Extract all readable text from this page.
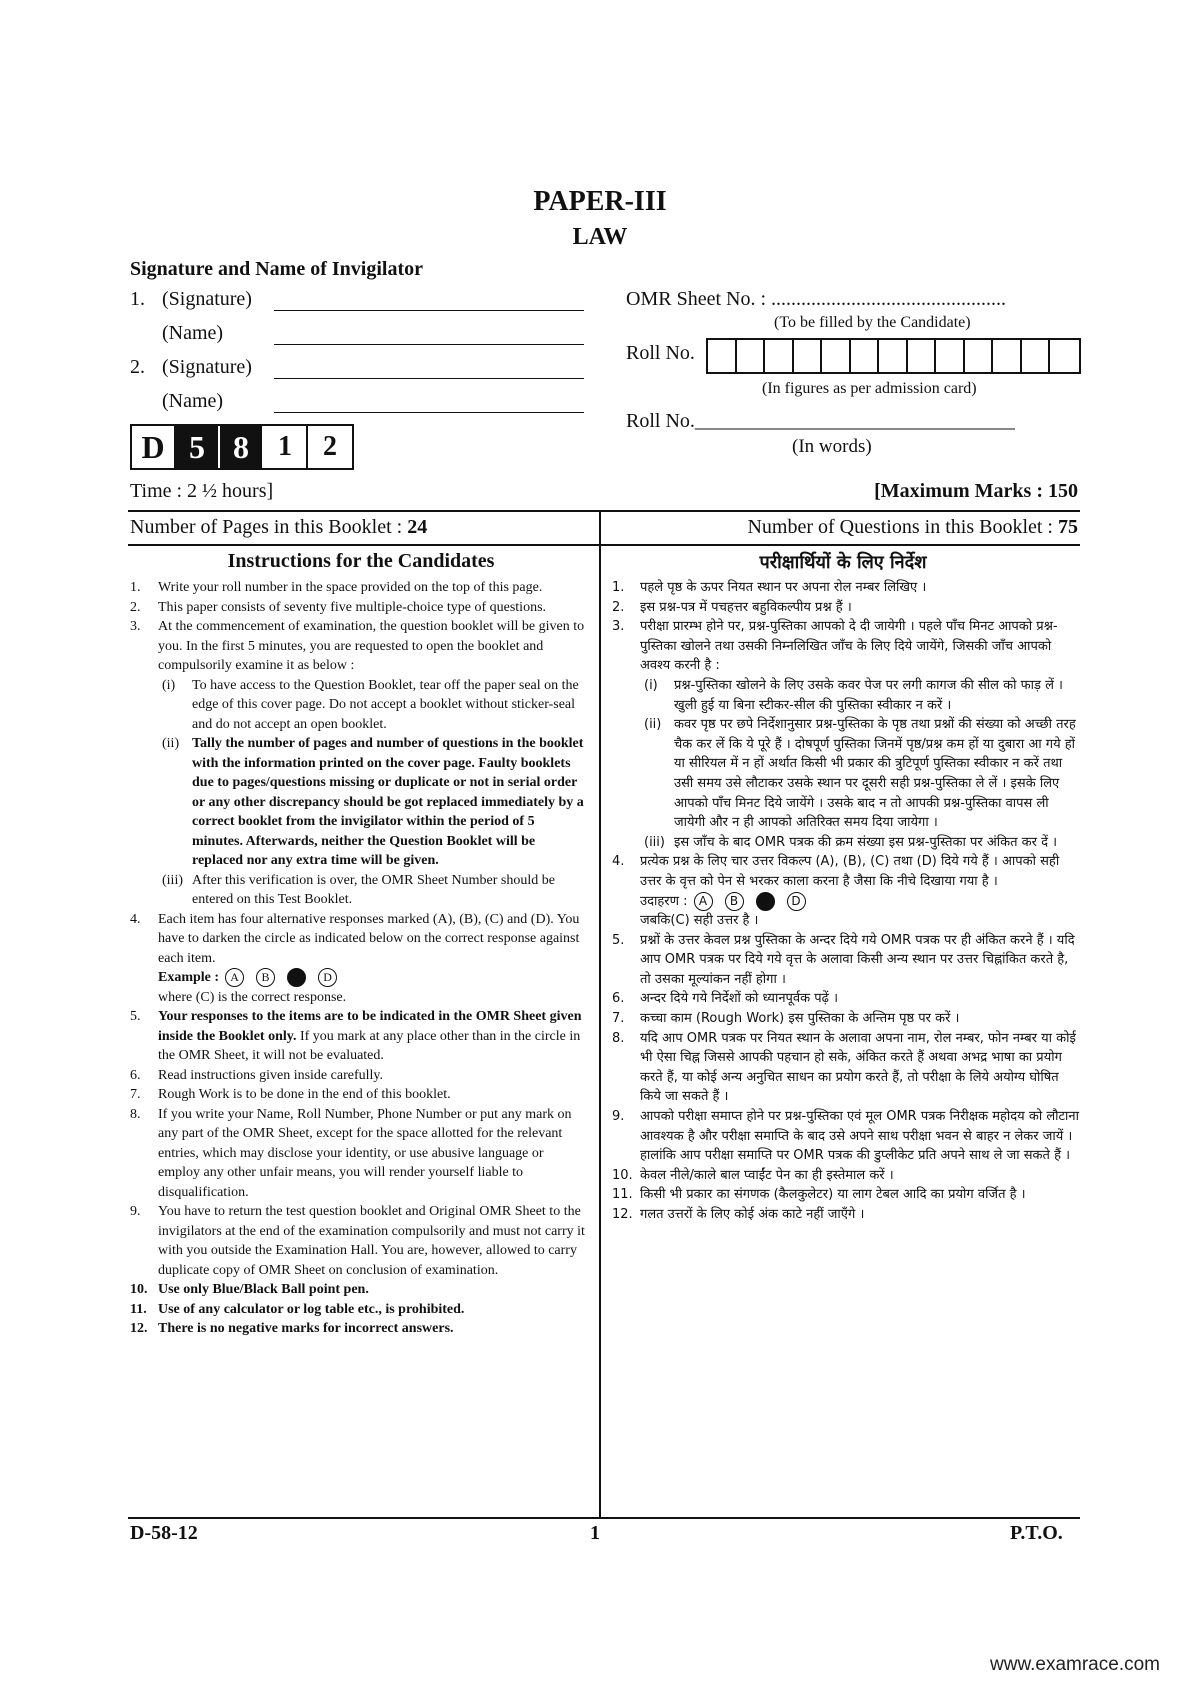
PAPER-III
LAW
Signature and Name of Invigilator
1. (Signature)
(Name)
2. (Signature)
(Name)
OMR Sheet No. : ...............................................
(To be filled by the Candidate)
Roll No.
(In figures as per admission card)
Roll No.________________________________
(In words)
D 5 8	1	2
Time : 2 ½ hours]	[Maximum Marks : 150
Number of Pages in this Booklet : 24	Number of Questions in this Booklet : 75
Instructions for the Candidates
1. Write your roll number in the space provided on the top of this page.
2. This paper consists of seventy five multiple-choice type of questions.
3. At the commencement of examination, the question booklet will be given to you. In the first 5 minutes, you are requested to open the booklet and compulsorily examine it as below :
(i) To have access to the Question Booklet, tear off the paper seal on the edge of this cover page. Do not accept a booklet without sticker-seal and do not accept an open booklet.
(ii) Tally the number of pages and number of questions in the booklet with the information printed on the cover page. Faulty booklets due to pages/questions missing or duplicate or not in serial order or any other discrepancy should be got replaced immediately by a correct booklet from the invigilator within the period of 5 minutes. Afterwards, neither the Question Booklet will be replaced nor any extra time will be given.
(iii) After this verification is over, the OMR Sheet Number should be entered on this Test Booklet.
4. Each item has four alternative responses marked (A), (B), (C) and (D). You have to darken the circle as indicated below on the correct response against each item.
Example : A B C D
where (C) is the correct response.
5. Your responses to the items are to be indicated in the OMR Sheet given inside the Booklet only. If you mark at any place other than in the circle in the OMR Sheet, it will not be evaluated.
6. Read instructions given inside carefully.
7. Rough Work is to be done in the end of this booklet.
8. If you write your Name, Roll Number, Phone Number or put any mark on any part of the OMR Sheet, except for the space allotted for the relevant entries, which may disclose your identity, or use abusive language or employ any other unfair means, you will render yourself liable to disqualification.
9. You have to return the test question booklet and Original OMR Sheet to the invigilators at the end of the examination compulsorily and must not carry it with you outside the Examination Hall. You are, however, allowed to carry duplicate copy of OMR Sheet on conclusion of examination.
10. Use only Blue/Black Ball point pen.
11. Use of any calculator or log table etc., is prohibited.
12. There is no negative marks for incorrect answers.
परीक्षार्थियों के लिए निर्देश
1. पहले पृष्ठ के ऊपर नियत स्थान पर अपना रोल नम्बर लिखिए ।
2. इस प्रश्न-पत्र में पचहत्तर बहुविकल्पीय प्रश्न हैं ।
3. परीक्षा प्रारम्भ होने पर, प्रश्न-पुस्तिका आपको दे दी जायेगी । पहले पाँच मिनट आपको प्रश्न-पुस्तिका खोलने तथा उसकी निम्नलिखित जाँच के लिए दिये जायेंगे, जिसकी जाँच आपको अवश्य करनी है :
(i) प्रश्न-पुस्तिका खोलने के लिए उसके कवर पेज पर लगी कागज की सील को फाड़ लें । खुली हुई या बिना स्टीकर-सील की पुस्तिका स्वीकार न करें ।
(ii) कवर पृष्ठ पर छपे निर्देशानुसार प्रश्न-पुस्तिका के पृष्ठ तथा प्रश्नों की संख्या को अच्छी तरह चैक कर लें कि ये पूरे हैं । दोषपूर्ण पुस्तिका जिनमें पृष्ठ/प्रश्न कम हों या दुबारा आ गये हों या सीरियल में न हों अर्थात किसी भी प्रकार की त्रुटिपूर्ण पुस्तिका स्वीकार न करें तथा उसी समय उसे लौटाकर उसके स्थान पर दूसरी सही प्रश्न-पुस्तिका ले लें । इसके लिए आपको पाँच मिनट दिये जायेंगे । उसके बाद न तो आपकी प्रश्न-पुस्तिका वापस ली जायेगी और न ही आपको अतिरिक्त समय दिया जायेगा ।
(iii) इस जाँच के बाद OMR पत्रक की क्रम संख्या इस प्रश्न-पुस्तिका पर अंकित कर दें ।
4. प्रत्येक प्रश्न के लिए चार उत्तर विकल्प (A), (B), (C) तथा (D) दिये गये हैं । आपको सही उत्तर के वृत्त को पेन से भरकर काला करना है जैसा कि नीचे दिखाया गया है ।
उदाहरण : A B C D
जबकि(C) सही उत्तर है ।
5. प्रश्नों के उत्तर केवल प्रश्न पुस्तिका के अन्दर दिये गये OMR पत्रक पर ही अंकित करने हैं । यदि आप OMR पत्रक पर दिये गये वृत्त के अलावा किसी अन्य स्थान पर उत्तर चिह्नांकित करते है, तो उसका मूल्यांकन नहीं होगा ।
6. अन्दर दिये गये निर्देशों को ध्यानपूर्वक पढ़ें ।
7. कच्चा काम (Rough Work) इस पुस्तिका के अन्तिम पृष्ठ पर करें ।
8. यदि आप OMR पत्रक पर नियत स्थान के अलावा अपना नाम, रोल नम्बर, फोन नम्बर या कोई भी ऐसा चिह्न जिससे आपकी पहचान हो सके, अंकित करते हैं अथवा अभद्र भाषा का प्रयोग करते हैं, या कोई अन्य अनुचित साधन का प्रयोग करते हैं, तो परीक्षा के लिये अयोग्य घोषित किये जा सकते हैं ।
9. आपको परीक्षा समाप्त होने पर प्रश्न-पुस्तिका एवं मूल OMR पत्रक निरीक्षक महोदय को लौटाना आवश्यक है और परीक्षा समाप्ति के बाद उसे अपने साथ परीक्षा भवन से बाहर न लेकर जायें । हालांकि आप परीक्षा समाप्ति पर OMR पत्रक की डुप्लीकेट प्रति अपने साथ ले जा सकते हैं ।
10. केवल नीले/काले बाल प्वाईंट पेन का ही इस्तेमाल करें ।
11. किसी भी प्रकार का संगणक (कैलकुलेटर) या लाग टेबल आदि का प्रयोग वर्जित है ।
12. गलत उत्तरों के लिए कोई अंक काटे नहीं जाएँगे ।
D-58-12	1	P.T.O.
www.examrace.com
